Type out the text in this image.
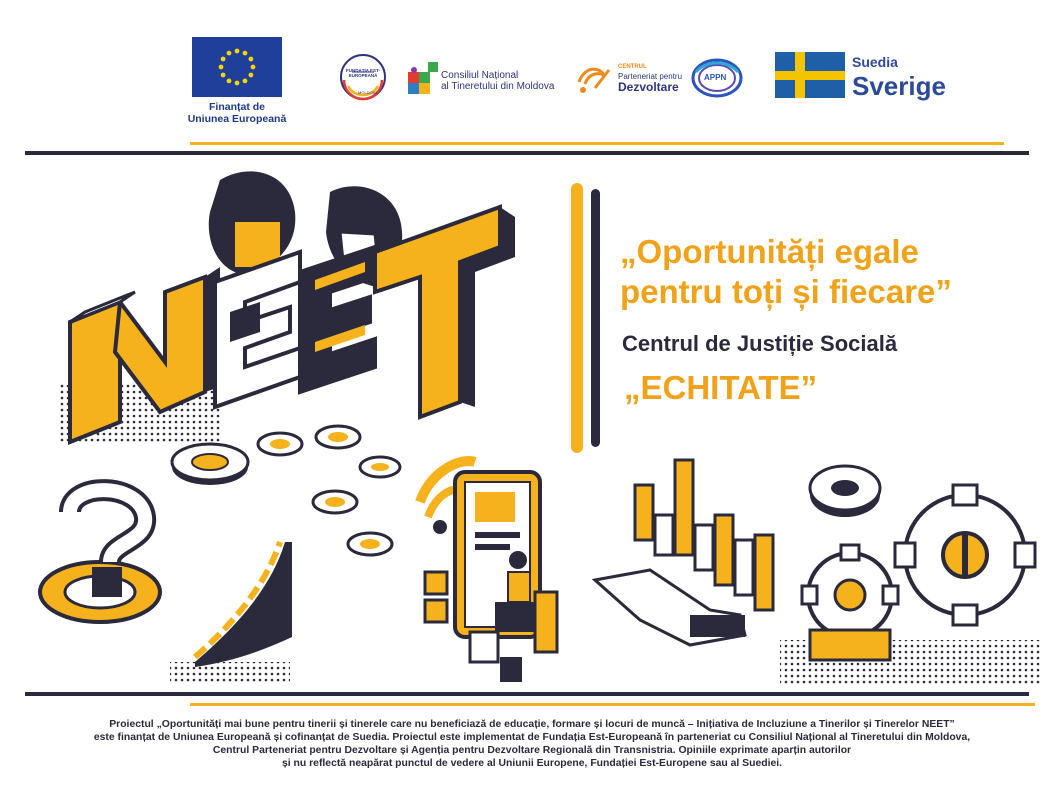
Finanțat de
Uniunea Europeană
FUNDAȚIA EST-EUROPEANĂ
MOLDOVA
Consiliul Național
al Tineretului din Moldova
CENTRUL
Parteneriat pentru
Dezvoltare
APPN
Suedia
Sverige
„Oportunități egale
pentru toți și fiecare”
Centrul de Justiție Socială
„ECHITATE”
Proiectul „Oportunități mai bune pentru tinerii și tinerele care nu beneficiază de educație, formare și locuri de muncă – Inițiativa de Incluziune a Tinerilor și Tinerelor NEET”
este finanțat de Uniunea Europeană și cofinanțat de Suedia. Proiectul este implementat de Fundația Est-Europeană în parteneriat cu Consiliul Național al Tineretului din Moldova,
Centrul Parteneriat pentru Dezvoltare și Agenția pentru Dezvoltare Regională din Transnistria. Opiniile exprimate aparțin autorilor
și nu reflectă neapărat punctul de vedere al Uniunii Europene, Fundației Est-Europene sau al Suediei.
